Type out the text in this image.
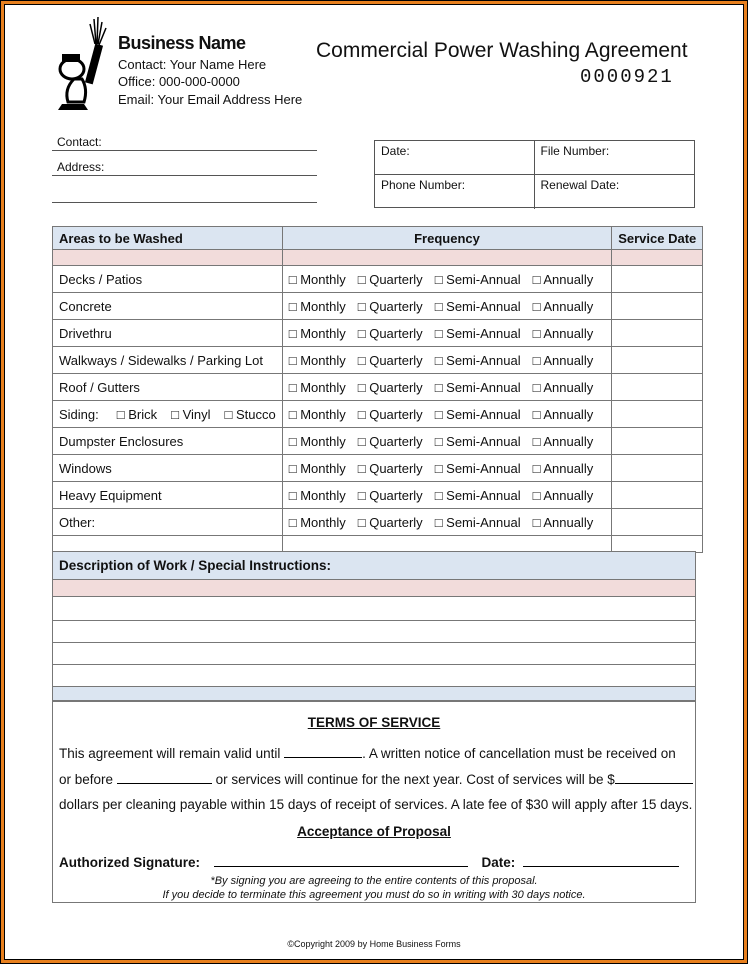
Business Name
Contact: Your Name Here
Office: 000-000-0000
Email: Your Email Address Here
Commercial Power Washing Agreement
0000921
Contact:
Address:
Date:	File Number:
Phone Number:	Renewal Date:
Areas to be Washed	Frequency	Service Date

Decks / Patios	□ Monthly □ Quarterly □ Semi-Annual □ Annually	
Concrete	□ Monthly □ Quarterly □ Semi-Annual □ Annually	
Drivethru	□ Monthly □ Quarterly □ Semi-Annual □ Annually	
Walkways / Sidewalks / Parking Lot	□ Monthly □ Quarterly □ Semi-Annual □ Annually	
Roof / Gutters	□ Monthly □ Quarterly □ Semi-Annual □ Annually	
Siding: □ Brick □ Vinyl □ Stucco	□ Monthly □ Quarterly □ Semi-Annual □ Annually	
Dumpster Enclosures	□ Monthly □ Quarterly □ Semi-Annual □ Annually	
Windows	□ Monthly □ Quarterly □ Semi-Annual □ Annually	
Heavy Equipment	□ Monthly □ Quarterly □ Semi-Annual □ Annually	
Other:	□ Monthly □ Quarterly □ Semi-Annual □ Annually	

Description of Work / Special Instructions:
TERMS OF SERVICE
This agreement will remain valid until	. A written notice of cancellation must be received on
or before	or services will continue for the next year. Cost of services will be $
dollars per cleaning payable within 15 days of receipt of services. A late fee of $30 will apply after 15 days.
Acceptance of Proposal
Authorized Signature:	Date:
*By signing you are agreeing to the entire contents of this proposal.
If you decide to terminate this agreement you must do so in writing with 30 days notice.
©Copyright 2009 by Home Business Forms
